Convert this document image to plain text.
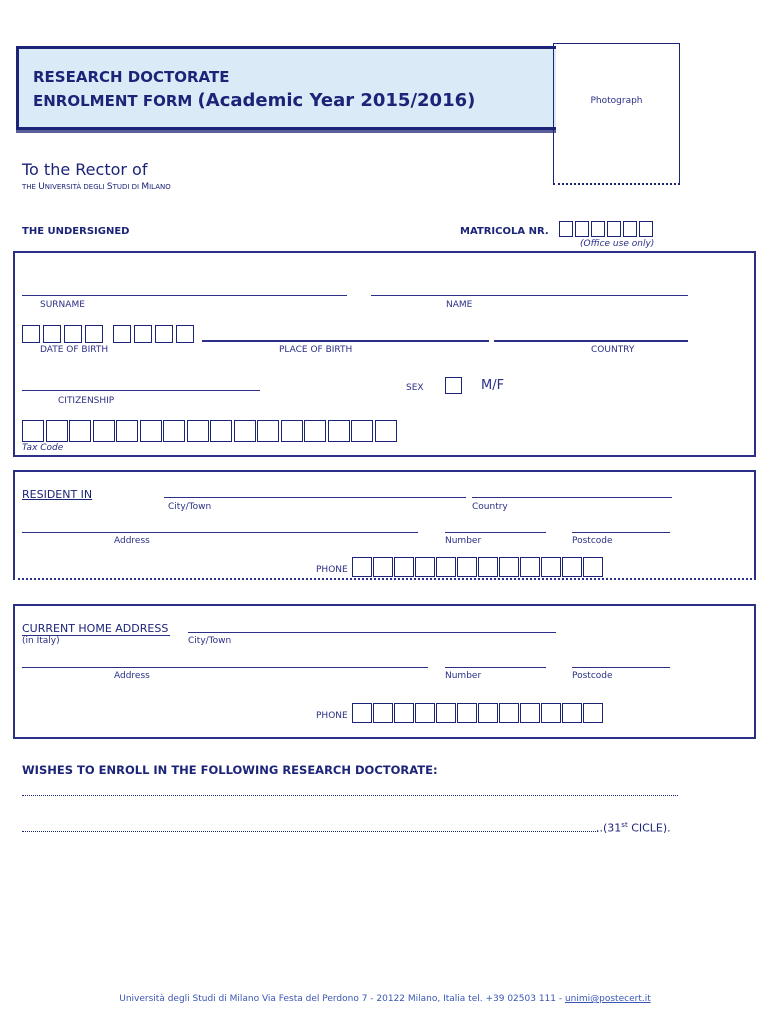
RESEARCH DOCTORATE
ENROLMENT FORM (Academic Year 2015/2016)	Photograph
To the Rector of
THE UNIVERSITÀ DEGLI STUDI DI MILANO
THE UNDERSIGNED	MATRICOLA NR.
(Office use only)
SURNAME	NAME
DATE OF BIRTH	PLACE OF BIRTH	COUNTRY
CITIZENSHIP
SEX	M/F
Tax Code
RESIDENT IN
City/Town	Country
Address	Number	Postcode
PHONE
CURRENT HOME ADDRESS
(in Italy)	City/Town
Address	Number	Postcode
PHONE
WISHES TO ENROLL IN THE FOLLOWING RESEARCH DOCTORATE:
..(31st CICLE).
Università degli Studi di Milano Via Festa del Perdono 7 - 20122 Milano, Italia tel. +39 02503 111 - unimi@postecert.it
